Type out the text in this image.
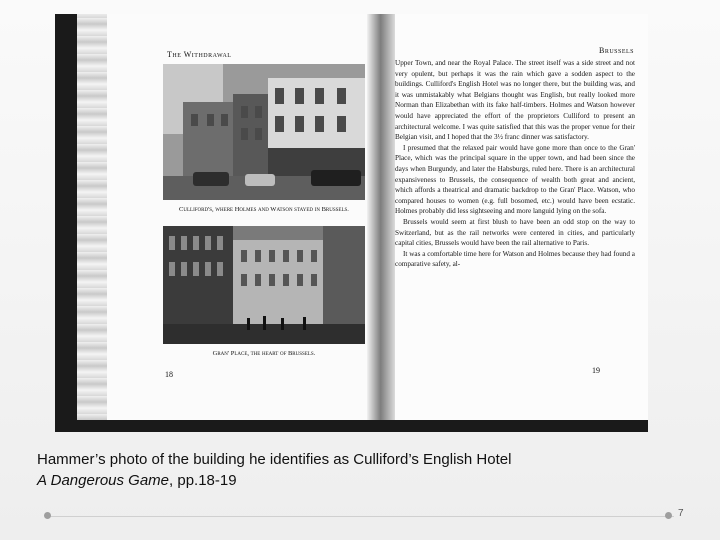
The Withdrawal
Culliford's, where Holmes and Watson stayed in Brussels.
Gran' Place, the heart of Brussels.
18
Brussels

Upper Town, and near the Royal Palace. The street itself was a side street and not very opulent, but perhaps it was the rain which gave a sodden aspect to the buildings. Culliford's English Hotel was no longer there, but the building was, and it was unmistakably what Belgians thought was English, but really looked more Norman than Elizabethan with its fake half-timbers. Holmes and Watson however would have appreciated the effort of the proprietors Culliford to present an architectural welcome. I was quite satisfied that this was the proper venue for their Belgian visit, and I hoped that the 3½ franc dinner was satisfactory.

I presumed that the relaxed pair would have gone more than once to the Gran' Place, which was the principal square in the upper town, and had been since the days when Burgundy, and later the Habsburgs, ruled here. There is an architectural expansiveness to Brussels, the consequence of wealth both great and ancient, which affords a theatrical and dramatic backdrop to the Gran' Place. Watson, who compared houses to women (e.g. full bosomed, etc.) would have been ecstatic. Holmes probably did less sightseeing and more languid lying on the sofa.

Brussels would seem at first blush to have been an odd stop on the way to Switzerland, but as the rail networks were centered in cities, and particularly capital cities, Brussels would have been the rail alternative to Paris.

It was a comfortable time here for Watson and Holmes because they had found a comparative safety, al-

19
Hammer’s photo of the building he identifies as Culliford’s English Hotel
A Dangerous Game, pp.18-19
7
